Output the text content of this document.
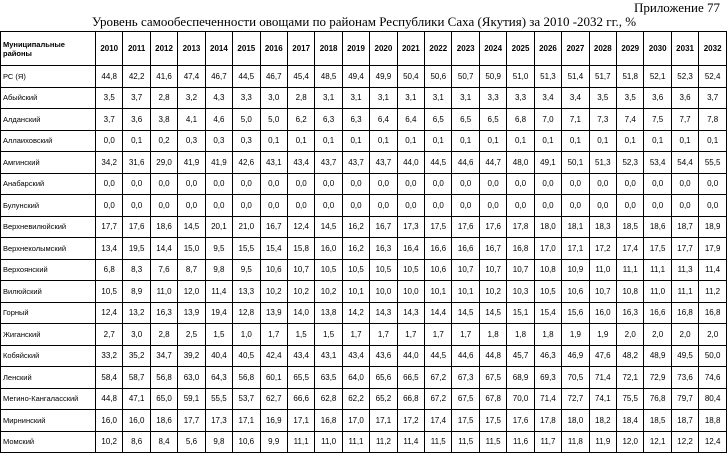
Приложение 77
Уровень самообеспеченности овощами по районам Республики Саха (Якутия) за 2010 -2032 гг., %
Муниципальные районы	2010	2011	2012	2013	2014	2015	2016	2017	2018	2019	2020	2021	2022	2023	2024	2025	2026	2027	2028	2029	2030	2031	2032
РС (Я)	44,8	42,2	41,6	47,4	46,7	44,5	46,7	45,4	48,5	49,4	49,9	50,4	50,6	50,7	50,9	51,0	51,3	51,4	51,7	51,8	52,1	52,3	52,4
Абыйский	3,5	3,7	2,8	3,2	4,3	3,3	3,0	2,8	3,1	3,1	3,1	3,1	3,1	3,1	3,3	3,3	3,4	3,4	3,5	3,5	3,6	3,6	3,7
Алданский	3,7	3,6	3,8	4,1	4,6	5,0	5,0	6,2	6,3	6,3	6,4	6,4	6,5	6,5	6,5	6,8	7,0	7,1	7,3	7,4	7,5	7,7	7,8
Аллаиховский	0,0	0,1	0,2	0,3	0,3	0,3	0,1	0,1	0,1	0,1	0,1	0,1	0,1	0,1	0,1	0,1	0,1	0,1	0,1	0,1	0,1	0,1	0,1
Амгинский	34,2	31,6	29,0	41,9	41,9	42,6	43,1	43,4	43,7	43,7	43,7	44,0	44,5	44,6	44,7	48,0	49,1	50,1	51,3	52,3	53,4	54,4	55,5
Анабарский	0,0	0,0	0,0	0,0	0,0	0,0	0,0	0,0	0,0	0,0	0,0	0,0	0,0	0,0	0,0	0,0	0,0	0,0	0,0	0,0	0,0	0,0	0,0
Булунский	0,0	0,0	0,0	0,0	0,0	0,0	0,0	0,0	0,0	0,0	0,0	0,0	0,0	0,0	0,0	0,0	0,0	0,0	0,0	0,0	0,0	0,0	0,0
Верхневилюйский	17,7	17,6	18,6	14,5	20,1	21,0	16,7	12,4	14,5	16,2	16,7	17,3	17,5	17,6	17,6	17,8	18,0	18,1	18,3	18,5	18,6	18,7	18,9
Верхнеколымский	13,4	19,5	14,4	15,0	9,5	15,5	15,4	15,8	16,0	16,2	16,3	16,4	16,6	16,6	16,7	16,8	17,0	17,1	17,2	17,4	17,5	17,7	17,9
Верхоянский	6,8	8,3	7,6	8,7	9,8	9,5	10,6	10,7	10,5	10,5	10,5	10,5	10,6	10,7	10,7	10,7	10,8	10,9	11,0	11,1	11,1	11,3	11,4
Вилюйский	10,5	8,9	11,0	12,0	11,4	13,3	10,2	10,2	10,2	10,1	10,0	10,0	10,1	10,1	10,2	10,3	10,5	10,6	10,7	10,8	11,0	11,1	11,2
Горный	12,4	13,2	16,3	13,9	19,4	12,8	13,9	14,0	13,8	14,2	14,3	14,3	14,4	14,5	14,5	15,1	15,4	15,6	16,0	16,3	16,6	16,8	16,8
Жиганский	2,7	3,0	2,8	2,5	1,5	1,0	1,7	1,5	1,5	1,7	1,7	1,7	1,7	1,7	1,8	1,8	1,8	1,9	1,9	2,0	2,0	2,0	2,0
Кобяйский	33,2	35,2	34,7	39,2	40,4	40,5	42,4	43,4	43,1	43,4	43,6	44,0	44,5	44,6	44,8	45,7	46,3	46,9	47,6	48,2	48,9	49,5	50,0
Ленский	58,4	58,7	56,8	63,0	64,3	56,8	60,1	65,5	63,5	64,0	65,6	66,5	67,2	67,3	67,5	68,9	69,3	70,5	71,4	72,1	72,9	73,6	74,6
Мегино-Кангаласский	44,8	47,1	65,0	59,1	55,5	53,7	62,7	66,6	62,8	62,2	65,2	66,8	67,2	67,5	67,8	70,0	71,4	72,7	74,1	75,5	76,8	79,7	80,4
Мирнинский	16,0	16,0	18,6	17,7	17,3	17,1	16,9	17,1	16,8	17,0	17,1	17,2	17,4	17,5	17,5	17,6	17,8	18,0	18,2	18,4	18,5	18,7	18,8
Момский	10,2	8,6	8,4	5,6	9,8	10,6	9,9	11,1	11,0	11,1	11,2	11,4	11,5	11,5	11,5	11,6	11,7	11,8	11,9	12,0	12,1	12,2	12,4
